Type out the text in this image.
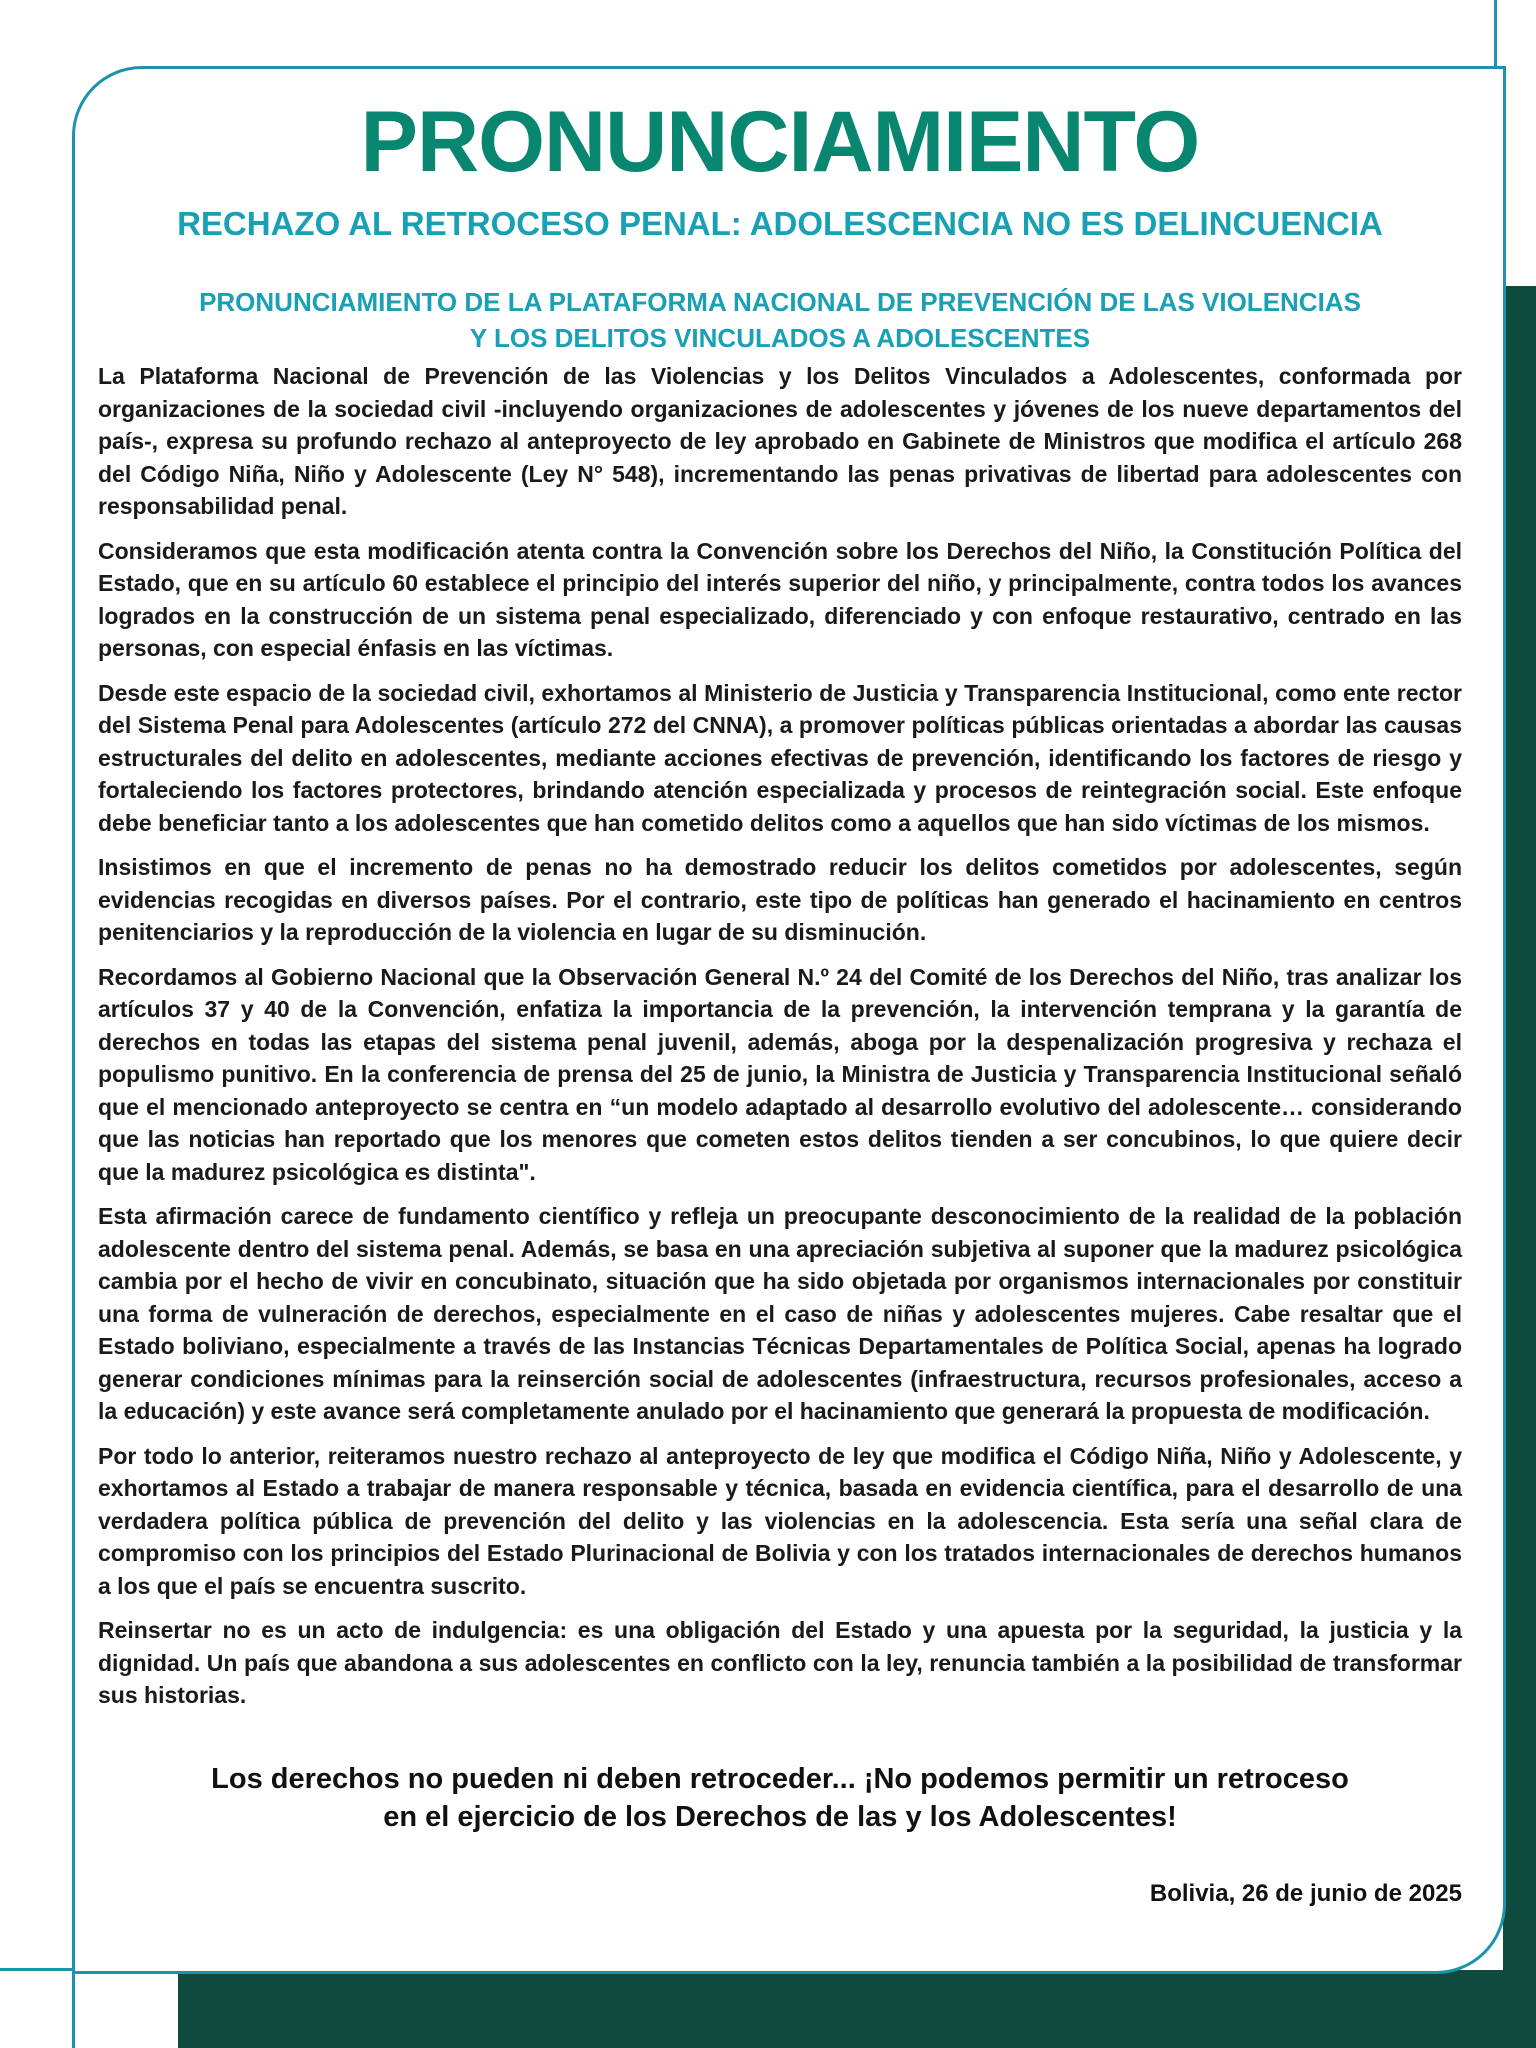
PRONUNCIAMIENTO
RECHAZO AL RETROCESO PENAL: ADOLESCENCIA NO ES DELINCUENCIA
PRONUNCIAMIENTO DE LA PLATAFORMA NACIONAL DE PREVENCIÓN DE LAS VIOLENCIAS
Y LOS DELITOS VINCULADOS A ADOLESCENTES

La Plataforma Nacional de Prevención de las Violencias y los Delitos Vinculados a Adolescentes, conformada por organizaciones de la sociedad civil -incluyendo organizaciones de adolescentes y jóvenes de los nueve departamentos del país-, expresa su profundo rechazo al anteproyecto de ley aprobado en Gabinete de Ministros que modifica el artículo 268 del Código Niña, Niño y Adolescente (Ley N° 548), incrementando las penas privativas de libertad para adolescentes con responsabilidad penal.

Consideramos que esta modificación atenta contra la Convención sobre los Derechos del Niño, la Constitución Política del Estado, que en su artículo 60 establece el principio del interés superior del niño, y principalmente, contra todos los avances logrados en la construcción de un sistema penal especializado, diferenciado y con enfoque restaurativo, centrado en las personas, con especial énfasis en las víctimas.

Desde este espacio de la sociedad civil, exhortamos al Ministerio de Justicia y Transparencia Institucional, como ente rector del Sistema Penal para Adolescentes (artículo 272 del CNNA), a promover políticas públicas orientadas a abordar las causas estructurales del delito en adolescentes, mediante acciones efectivas de prevención, identificando los factores de riesgo y fortaleciendo los factores protectores, brindando atención especializada y procesos de reintegración social. Este enfoque debe beneficiar tanto a los adolescentes que han cometido delitos como a aquellos que han sido víctimas de los mismos.

Insistimos en que el incremento de penas no ha demostrado reducir los delitos cometidos por adolescentes, según evidencias recogidas en diversos países. Por el contrario, este tipo de políticas han generado el hacinamiento en centros penitenciarios y la reproducción de la violencia en lugar de su disminución.

Recordamos al Gobierno Nacional que la Observación General N.º 24 del Comité de los Derechos del Niño, tras analizar los artículos 37 y 40 de la Convención, enfatiza la importancia de la prevención, la intervención temprana y la garantía de derechos en todas las etapas del sistema penal juvenil, además, aboga por la despenalización progresiva y rechaza el populismo punitivo. En la conferencia de prensa del 25 de junio, la Ministra de Justicia y Transparencia Institucional señaló que el mencionado anteproyecto se centra en “un modelo adaptado al desarrollo evolutivo del adolescente… considerando que las noticias han reportado que los menores que cometen estos delitos tienden a ser concubinos, lo que quiere decir que la madurez psicológica es distinta".

Esta afirmación carece de fundamento científico y refleja un preocupante desconocimiento de la realidad de la población adolescente dentro del sistema penal. Además, se basa en una apreciación subjetiva al suponer que la madurez psicológica cambia por el hecho de vivir en concubinato, situación que ha sido objetada por organismos internacionales por constituir una forma de vulneración de derechos, especialmente en el caso de niñas y adolescentes mujeres. Cabe resaltar que el Estado boliviano, especialmente a través de las Instancias Técnicas Departamentales de Política Social, apenas ha logrado generar condiciones mínimas para la reinserción social de adolescentes (infraestructura, recursos profesionales, acceso a la educación) y este avance será completamente anulado por el hacinamiento que generará la propuesta de modificación.

Por todo lo anterior, reiteramos nuestro rechazo al anteproyecto de ley que modifica el Código Niña, Niño y Adolescente, y exhortamos al Estado a trabajar de manera responsable y técnica, basada en evidencia científica, para el desarrollo de una verdadera política pública de prevención del delito y las violencias en la adolescencia. Esta sería una señal clara de compromiso con los principios del Estado Plurinacional de Bolivia y con los tratados internacionales de derechos humanos a los que el país se encuentra suscrito.

Reinsertar no es un acto de indulgencia: es una obligación del Estado y una apuesta por la seguridad, la justicia y la dignidad. Un país que abandona a sus adolescentes en conflicto con la ley, renuncia también a la posibilidad de transformar sus historias.

Los derechos no pueden ni deben retroceder... ¡No podemos permitir un retroceso
en el ejercicio de los Derechos de las y los Adolescentes!
Bolivia, 26 de junio de 2025
